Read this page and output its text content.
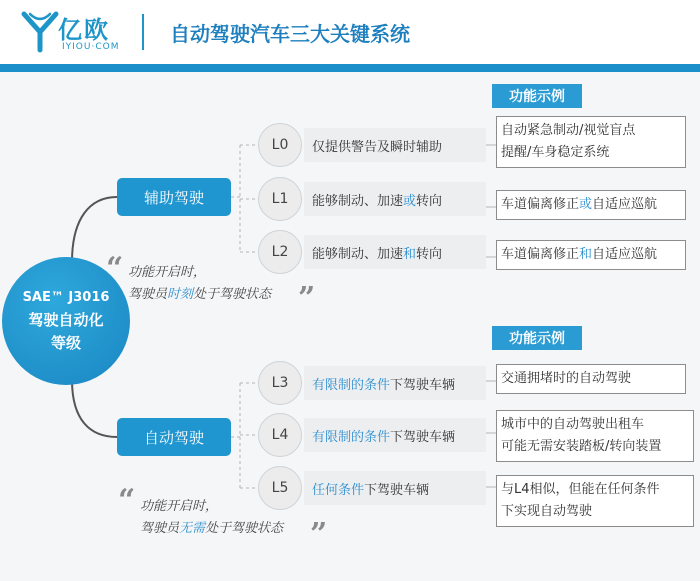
亿欧
IYIOU·COM
自动驾驶汽车三大关键系统
SAE™ J3016
驾驶自动化
等级
辅助驾驶
自动驾驶
功能示例
功能示例
L0
L1
L2
L3
L4
L5
仅提供警告及瞬时辅助
能够制动、加速 或 转向
能够制动、加速 和 转向
有限制的条件 下驾驶车辆
有限制的条件 下驾驶车辆
任何条件 下驾驶车辆
自动紧急制动/视觉盲点
提醒/车身稳定系统
车道偏离修正或自适应巡航
车道偏离修正和自适应巡航
交通拥堵时的自动驾驶
城市中的自动驾驶出租车
可能无需安装踏板/转向装置
与L4相似，但能在任何条件
下实现自动驾驶
“ 功能开启时，
驾驶员时刻处于驾驶状态 ”
“ 功能开启时，
驾驶员无需处于驾驶状态 ”
